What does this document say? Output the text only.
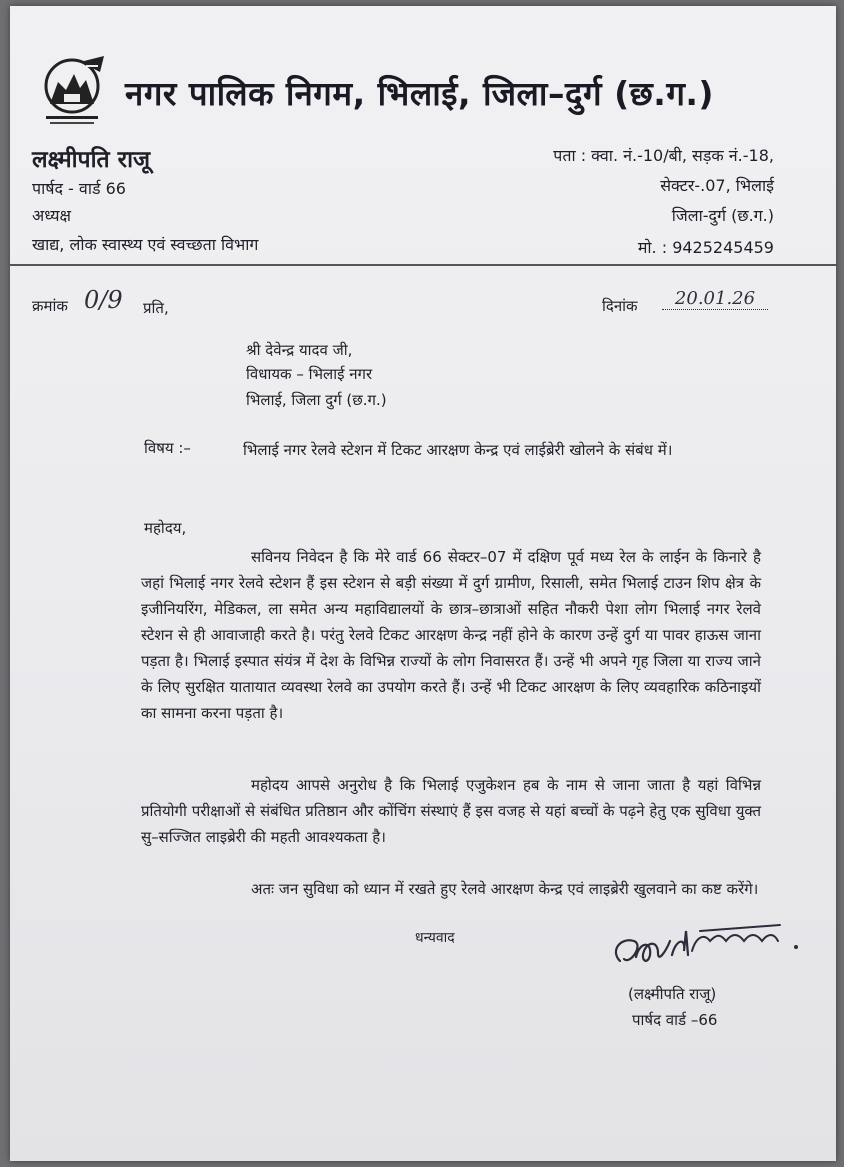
नगर पालिक निगम, भिलाई, जिला–दुर्ग (छ.ग.)
लक्ष्मीपति राजू
पार्षद - वार्ड 66
अध्यक्ष
खाद्य, लोक स्वास्थ्य एवं स्वच्छता विभाग
पता : क्वा. नं.-10/बी, सड़क नं.-18,
सेक्टर-.07, भिलाई
जिला-दुर्ग (छ.ग.)
मो. : 9425245459
क्रमांक 0/9 प्रति,	दिनांक	20.01.26
श्री देवेन्द्र यादव जी,
विधायक – भिलाई नगर
भिलाई, जिला दुर्ग (छ.ग.)
विषय :–	भिलाई नगर रेलवे स्टेशन में टिकट आरक्षण केन्द्र एवं लाईब्रेरी खोलने के संबंध में।
महोदय,

सविनय निवेदन है कि मेरे वार्ड 66 सेक्टर–07 में दक्षिण पूर्व मध्य रेल के लाईन के किनारे है जहां भिलाई नगर रेलवे स्टेशन हैं इस स्टेशन से बड़ी संख्या में दुर्ग ग्रामीण, रिसाली, समेत भिलाई टाउन शिप क्षेत्र के इजीनियरिंग, मेडिकल, ला समेत अन्य महाविद्यालयों के छात्र–छात्राओं सहित नौकरी पेशा लोग भिलाई नगर रेलवे स्टेशन से ही आवाजाही करते है। परंतु रेलवे टिकट आरक्षण केन्द्र नहीं होने के कारण उन्हें दुर्ग या पावर हाऊस जाना पड़ता है। भिलाई इस्पात संयंत्र में देश के विभिन्न राज्यों के लोग निवासरत हैं। उन्हें भी अपने गृह जिला या राज्य जाने के लिए सुरक्षित यातायात व्यवस्था रेलवे का उपयोग करते हैं। उन्हें भी टिकट आरक्षण के लिए व्यवहारिक कठिनाइयों का सामना करना पड़ता है।

महोदय आपसे अनुरोध है कि भिलाई एजुकेशन हब के नाम से जाना जाता है यहां विभिन्न प्रतियोगी परीक्षाओं से संबंधित प्रतिष्ठान और कोंचिंग संस्थाएं हैं इस वजह से यहां बच्चों के पढ़ने हेतु एक सुविधा युक्त सु–सज्जित लाइब्रेरी की महती आवश्यकता है।

अतः जन सुविधा को ध्यान में रखते हुए रेलवे आरक्षण केन्द्र एवं लाइब्रेरी खुलवाने का कष्ट करेंगे।

धन्यवाद
(लक्ष्मीपति राजू)
पार्षद वार्ड –66
